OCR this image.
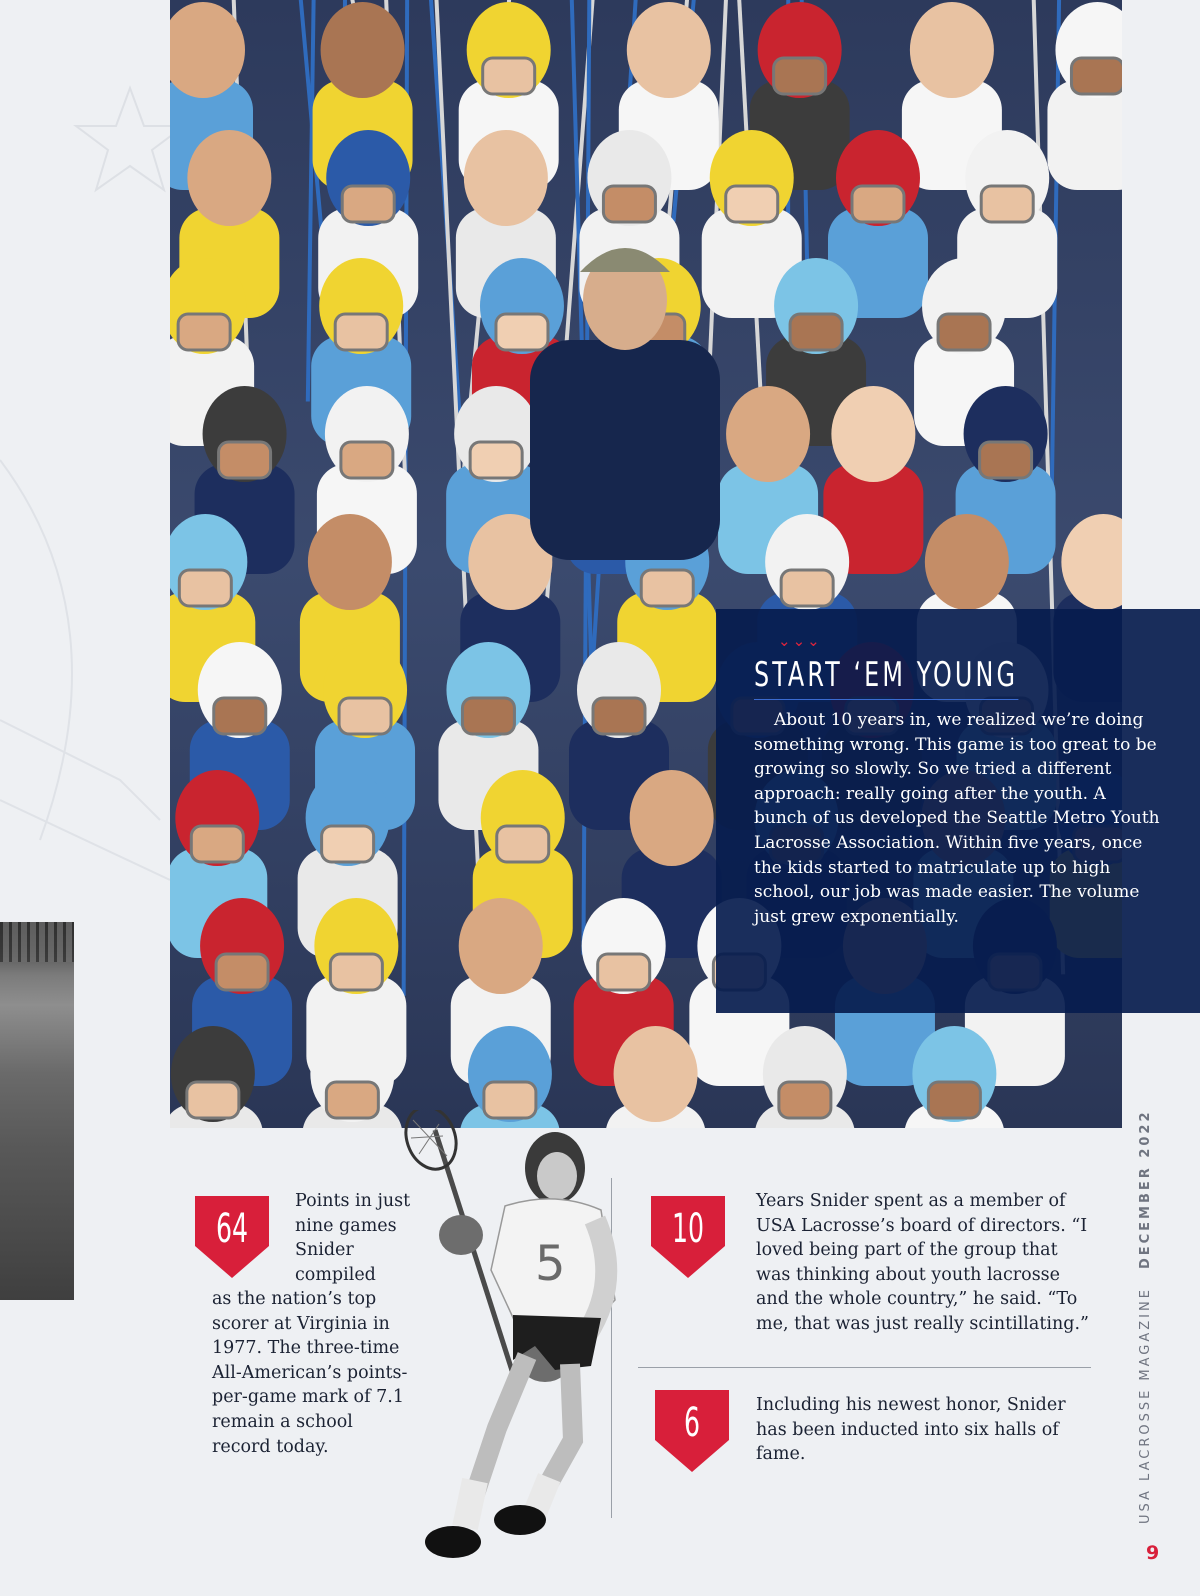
⌄⌄⌄
START ‘EM YOUNG

About 10 years in, we realized we’re doing something wrong. This game is too great to be growing so slowly. So we tried a different approach: really going after the youth. A bunch of us developed the Seattle Metro Youth Lacrosse Association. Within five years, once the kids started to matriculate up to high school, our job was made easier. The volume just grew exponentially.

64
Points in just nine games Snider compiled
as the nation’s top scorer at Virginia in 1977. The three-time All-American’s points-per-game mark of 7.1 remain a school record today.
5
10
Years Snider spent as a member of USA Lacrosse’s board of directors. “I loved being part of the group that was thinking about youth lacrosse and the whole country,” he said. “To me, that was just really scintillating.”
6	Including his newest honor, Snider has been inducted into six halls of fame.	USA LACROSSE MAGAZINEDECEMBER 2022
9
